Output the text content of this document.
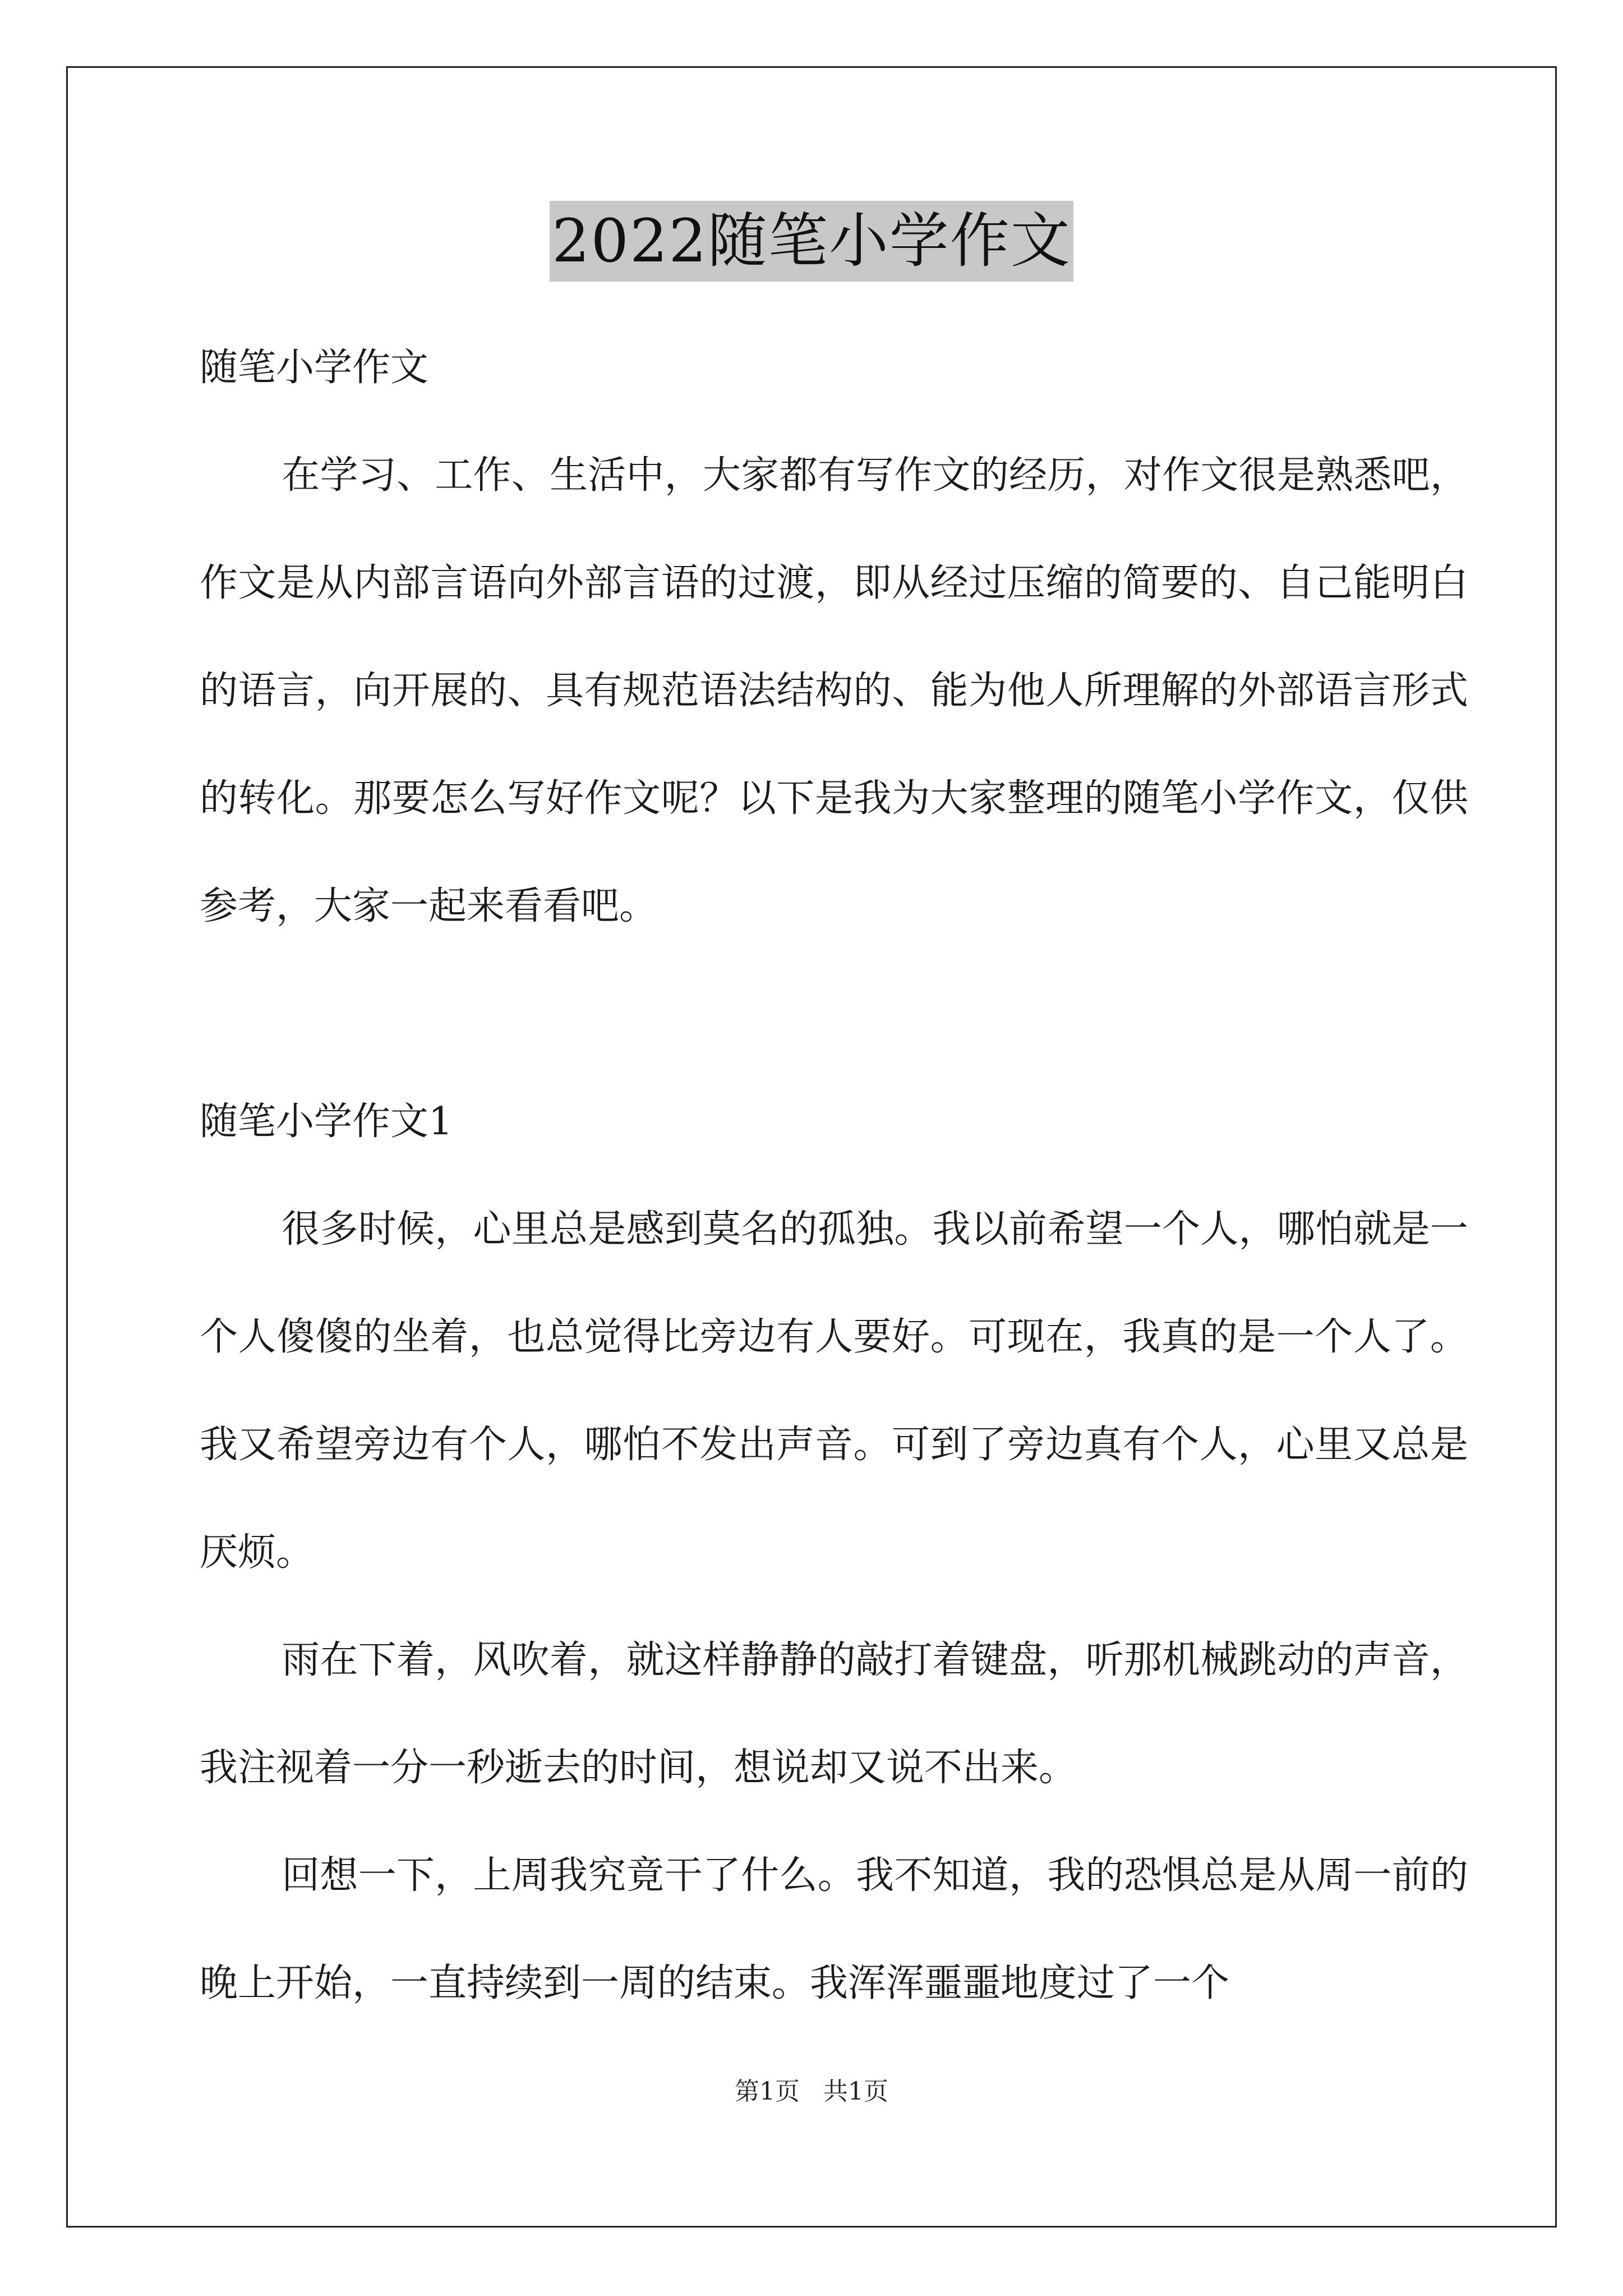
2022随笔小学作文

随笔小学作文

在学习、工作、生活中，大家都有写作文的经历，对作文很是熟悉吧，作文是从内部言语向外部言语的过渡，即从经过压缩的简要的、自己能明白的语言，向开展的、具有规范语法结构的、能为他人所理解的外部语言形式的转化。那要怎么写好作文呢？以下是我为大家整理的随笔小学作文，仅供参考，大家一起来看看吧。

随笔小学作文1

很多时候，心里总是感到莫名的孤独。我以前希望一个人，哪怕就是一个人傻傻的坐着，也总觉得比旁边有人要好。可现在，我真的是一个人了。我又希望旁边有个人，哪怕不发出声音。可到了旁边真有个人，心里又总是厌烦。

雨在下着，风吹着，就这样静静的敲打着键盘，听那机械跳动的声音，我注视着一分一秒逝去的时间，想说却又说不出来。

回想一下，上周我究竟干了什么。我不知道，我的恐惧总是从周一前的晚上开始，一直持续到一周的结束。我浑浑噩噩地度过了一个

第1页   共1页
